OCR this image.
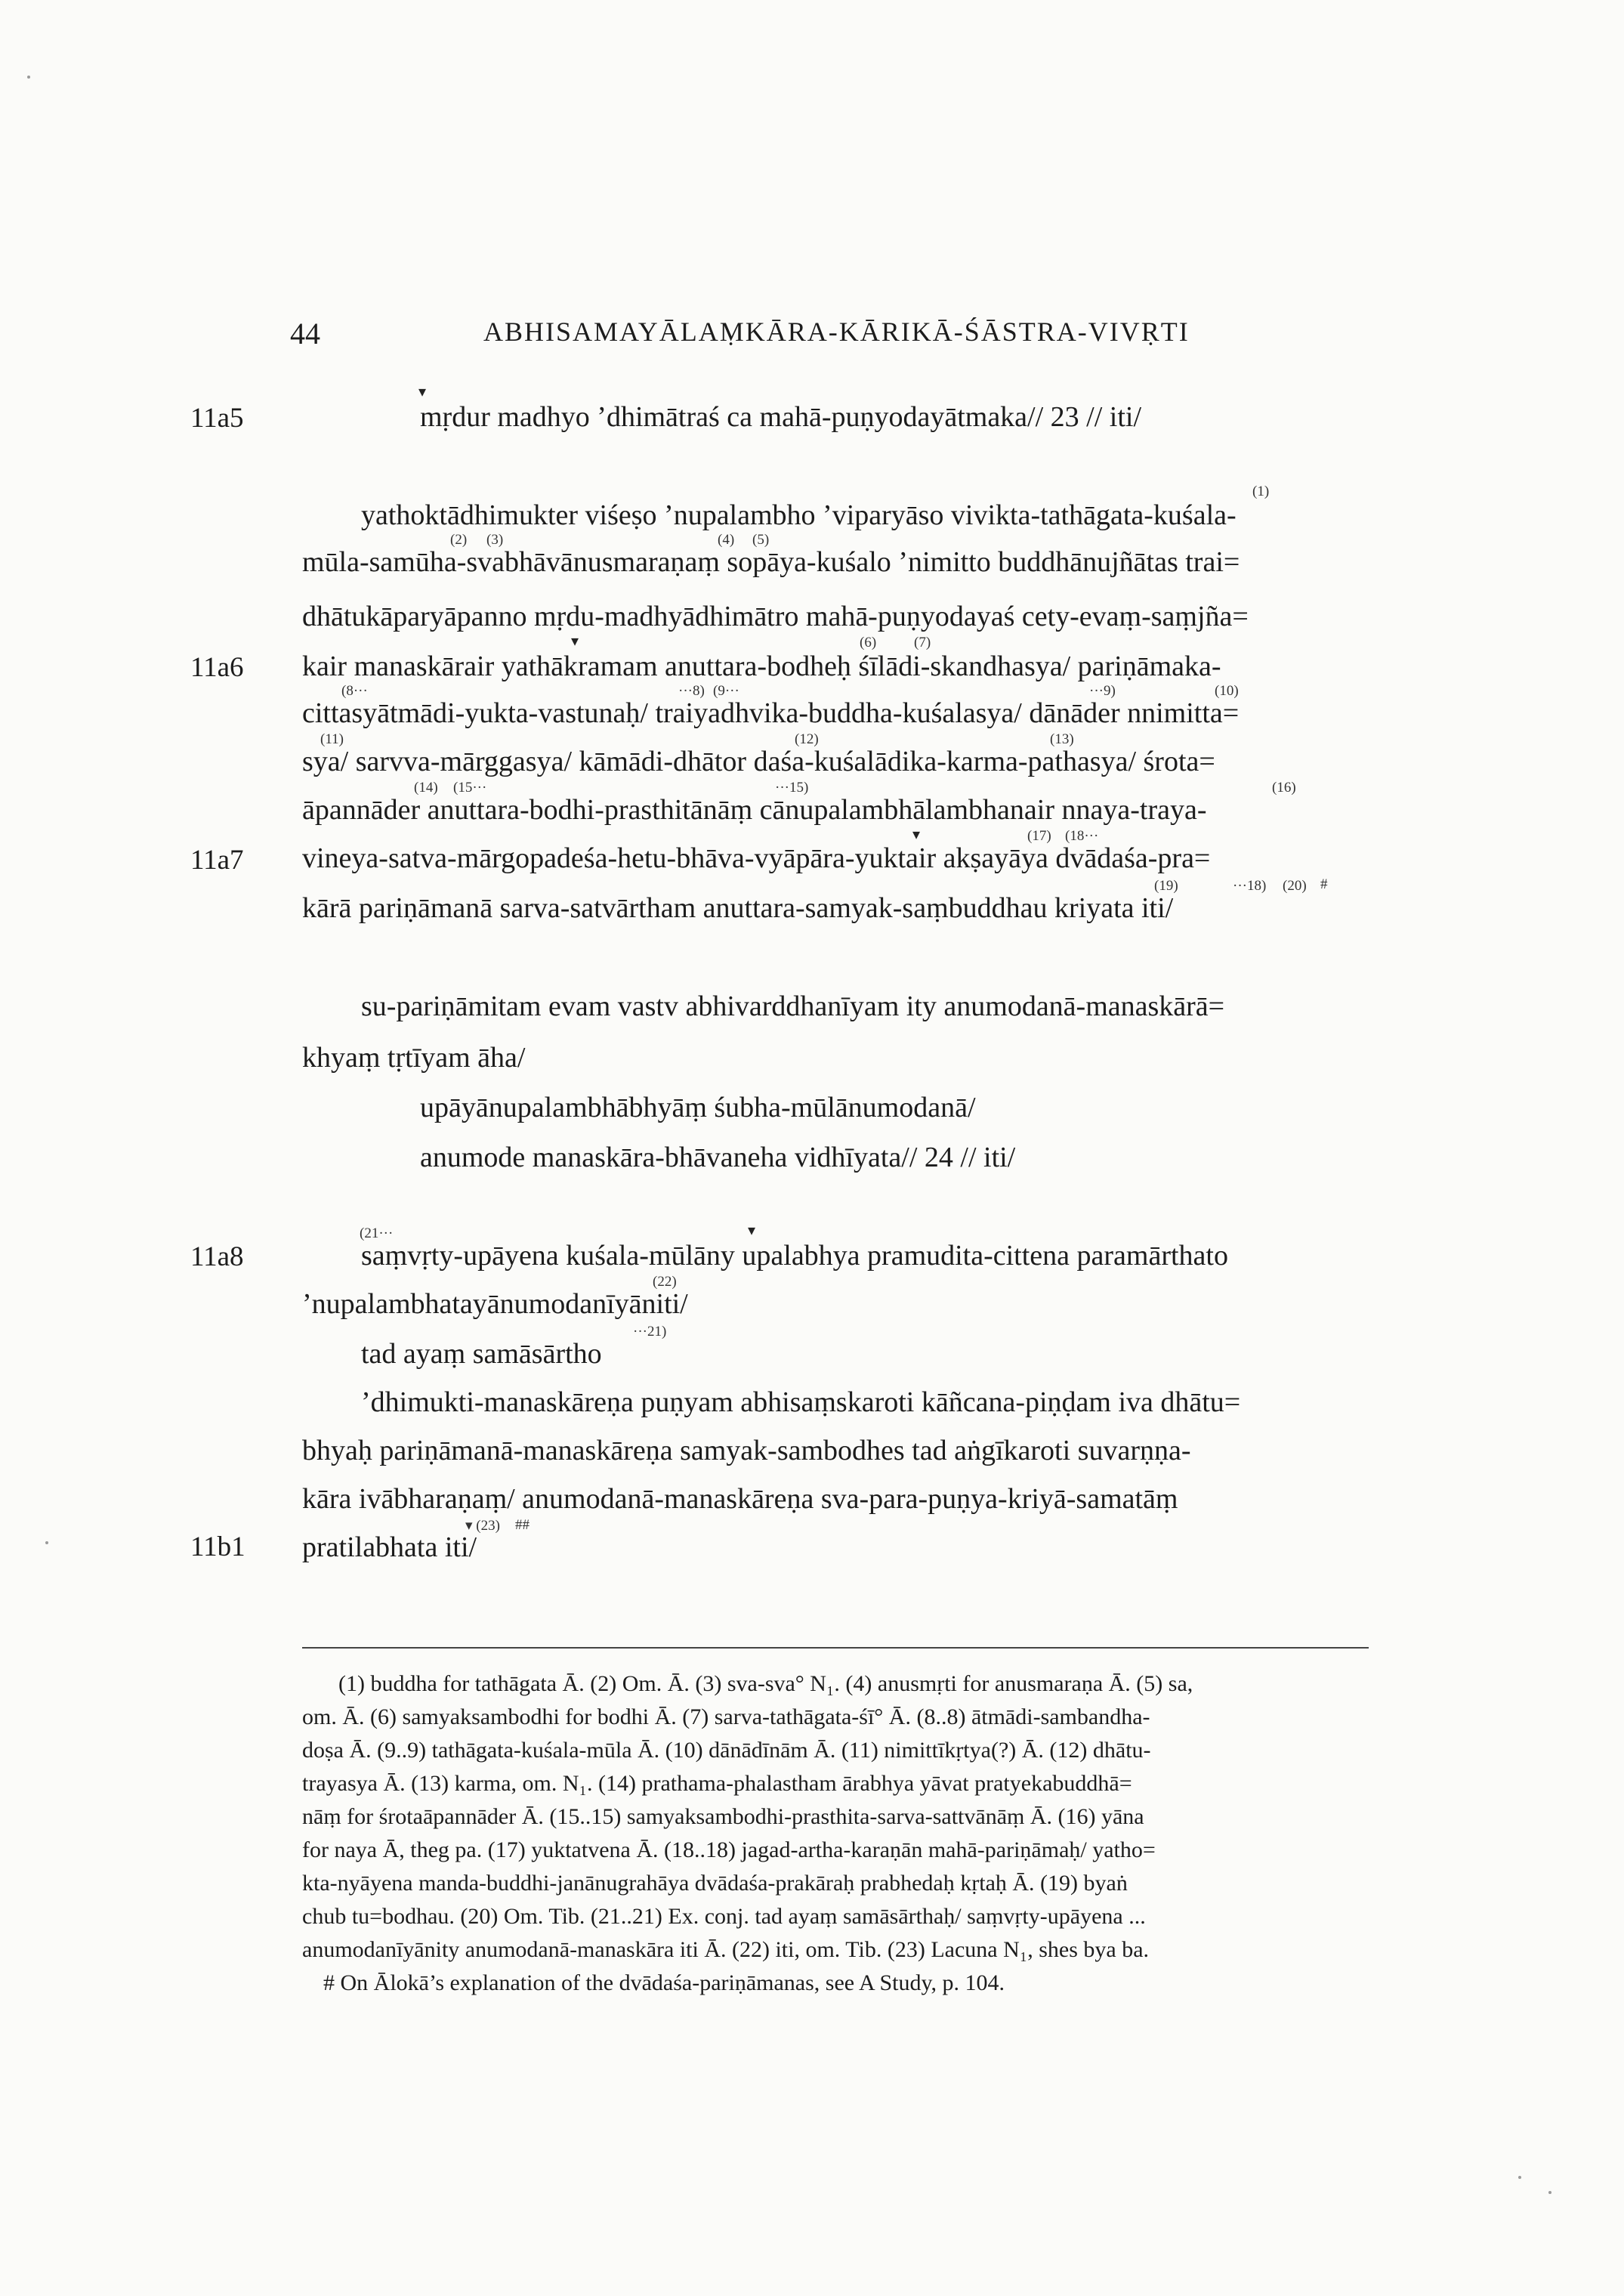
44	ABHISAMAYĀLAṂKĀRA-KĀRIKĀ-ŚĀSTRA-VIVṚTI
11a5
11a6
11a7
11a8
11b1
mṛdur madhyo ’dhimātraś ca mahā-puṇyodayātmaka// 23 // iti/
yathoktādhimukter viśeṣo ’nupalambho ’viparyāso vivikta-tathāgata-kuśala-
mūla-samūha-svabhāvānusmaraṇaṃ sopāya-kuśalo ’nimitto buddhānujñātas trai=
dhātukāparyāpanno mṛdu-madhyādhimātro mahā-puṇyodayaś cety-evaṃ-saṃjña=
kair manaskārair yathākramam anuttara-bodheḥ śīlādi-skandhasya/ pariṇāmaka-
cittasyātmādi-yukta-vastunaḥ/ traiyadhvika-buddha-kuśalasya/ dānāder nnimitta=
sya/ sarvva-mārggasya/ kāmādi-dhātor daśa-kuśalādika-karma-pathasya/ śrota=
āpannāder anuttara-bodhi-prasthitānāṃ cānupalambhālambhanair nnaya-traya-
vineya-satva-mārgopadeśa-hetu-bhāva-vyāpāra-yuktair akṣayāya dvādaśa-pra=
kārā pariṇāmanā sarva-satvārtham anuttara-samyak-saṃbuddhau kriyata iti/
su-pariṇāmitam evam vastv abhivarddhanīyam ity anumodanā-manaskārā=
khyaṃ tṛtīyam āha/
upāyānupalambhābhyāṃ śubha-mūlānumodanā/
anumode manaskāra-bhāvaneha vidhīyata// 24 // iti/
saṃvṛty-upāyena kuśala-mūlāny upalabhya pramudita-cittena paramārthato
’nupalambhatayānumodanīyāniti/
tad ayaṃ samāsārtho
’dhimukti-manaskāreṇa puṇyam abhisaṃskaroti kāñcana-piṇḍam iva dhātu=
bhyaḥ pariṇāmanā-manaskāreṇa samyak-sambodhes tad aṅgīkaroti suvarṇṇa-
kāra ivābharaṇaṃ/ anumodanā-manaskāreṇa sva-para-puṇya-kriyā-samatāṃ
pratilabhata iti/
▾
(1)
(2) (3)	(4) (5)
▾	(6)	(7)
(8···	···8) (9···	···9)	(10)
(11)	(12)	(13)
(14) (15···	···15)	(16)
▾	(17) (18···
(19)	···18) (20) #
(21···	▾
(22)
···21)
▾ (23) ##
(1) buddha for tathāgata Ā. (2) Om. Ā. (3) sva-sva° N₁. (4) anusmṛti for anusmaraṇa Ā. (5) sa,
om. Ā. (6) samyaksambodhi for bodhi Ā. (7) sarva-tathāgata-śī° Ā. (8..8) ātmādi-sambandha-
doṣa Ā. (9..9) tathāgata-kuśala-mūla Ā. (10) dānādīnām Ā. (11) nimittīkṛtya(?) Ā. (12) dhātu-
trayasya Ā. (13) karma, om. N₁. (14) prathama-phalastham ārabhya yāvat pratyekabuddhā=
nāṃ for śrotaāpannāder Ā. (15..15) samyaksambodhi-prasthita-sarva-sattvānāṃ Ā. (16) yāna
for naya Ā, theg pa. (17) yuktatvena Ā. (18..18) jagad-artha-karaṇān mahā-pariṇāmaḥ/ yatho=
kta-nyāyena manda-buddhi-janānugrahāya dvādaśa-prakāraḥ prabhedaḥ kṛtaḥ Ā. (19) byaṅ
chub tu=bodhau. (20) Om. Tib. (21..21) Ex. conj. tad ayaṃ samāsārthaḥ/ saṃvṛty-upāyena ...
anumodanīyānity anumodanā-manaskāra iti Ā. (22) iti, om. Tib. (23) Lacuna N₁, shes bya ba.
# On Ālokā’s explanation of the dvādaśa-pariṇāmanas, see A Study, p. 104.
